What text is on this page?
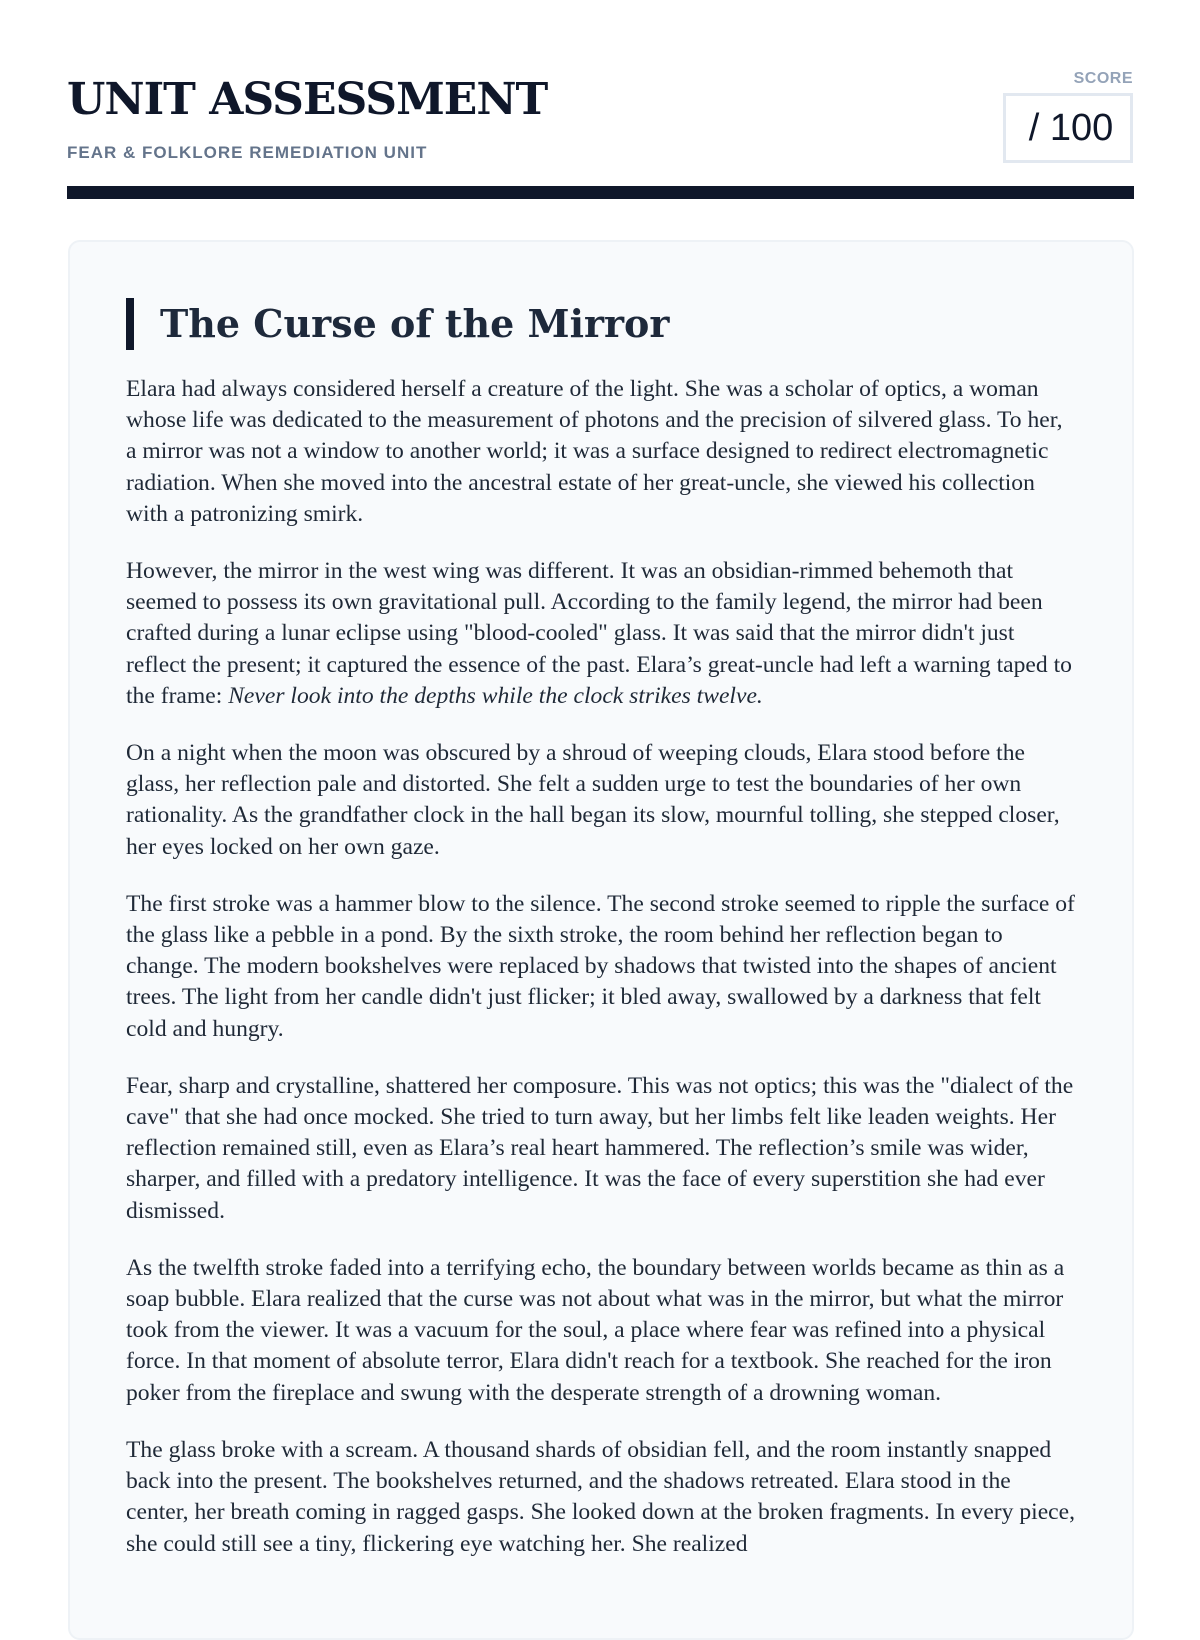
UNIT ASSESSMENT
FEAR & FOLKLORE REMEDIATION UNIT
SCORE
/ 100
The Curse of the Mirror

Elara had always considered herself a creature of the light. She was a scholar of optics, a woman whose life was dedicated to the measurement of photons and the precision of silvered glass. To her, a mirror was not a window to another world; it was a surface designed to redirect electromagnetic radiation. When she moved into the ancestral estate of her great-uncle, she viewed his collection with a patronizing smirk.

However, the mirror in the west wing was different. It was an obsidian-rimmed behemoth that seemed to possess its own gravitational pull. According to the family legend, the mirror had been crafted during a lunar eclipse using "blood-cooled" glass. It was said that the mirror didn't just reflect the present; it captured the essence of the past. Elara’s great-uncle had left a warning taped to the frame: Never look into the depths while the clock strikes twelve.

On a night when the moon was obscured by a shroud of weeping clouds, Elara stood before the glass, her reflection pale and distorted. She felt a sudden urge to test the boundaries of her own rationality. As the grandfather clock in the hall began its slow, mournful tolling, she stepped closer, her eyes locked on her own gaze.

The first stroke was a hammer blow to the silence. The second stroke seemed to ripple the surface of the glass like a pebble in a pond. By the sixth stroke, the room behind her reflection began to change. The modern bookshelves were replaced by shadows that twisted into the shapes of ancient trees. The light from her candle didn't just flicker; it bled away, swallowed by a darkness that felt cold and hungry.

Fear, sharp and crystalline, shattered her composure. This was not optics; this was the "dialect of the cave" that she had once mocked. She tried to turn away, but her limbs felt like leaden weights. Her reflection remained still, even as Elara’s real heart hammered. The reflection’s smile was wider, sharper, and filled with a predatory intelligence. It was the face of every superstition she had ever dismissed.

As the twelfth stroke faded into a terrifying echo, the boundary between worlds became as thin as a soap bubble. Elara realized that the curse was not about what was in the mirror, but what the mirror took from the viewer. It was a vacuum for the soul, a place where fear was refined into a physical force. In that moment of absolute terror, Elara didn't reach for a textbook. She reached for the iron poker from the fireplace and swung with the desperate strength of a drowning woman.

The glass broke with a scream. A thousand shards of obsidian fell, and the room instantly snapped back into the present. The bookshelves returned, and the shadows retreated. Elara stood in the center, her breath coming in ragged gasps. She looked down at the broken fragments. In every piece, she could still see a tiny, flickering eye watching her. She realized
